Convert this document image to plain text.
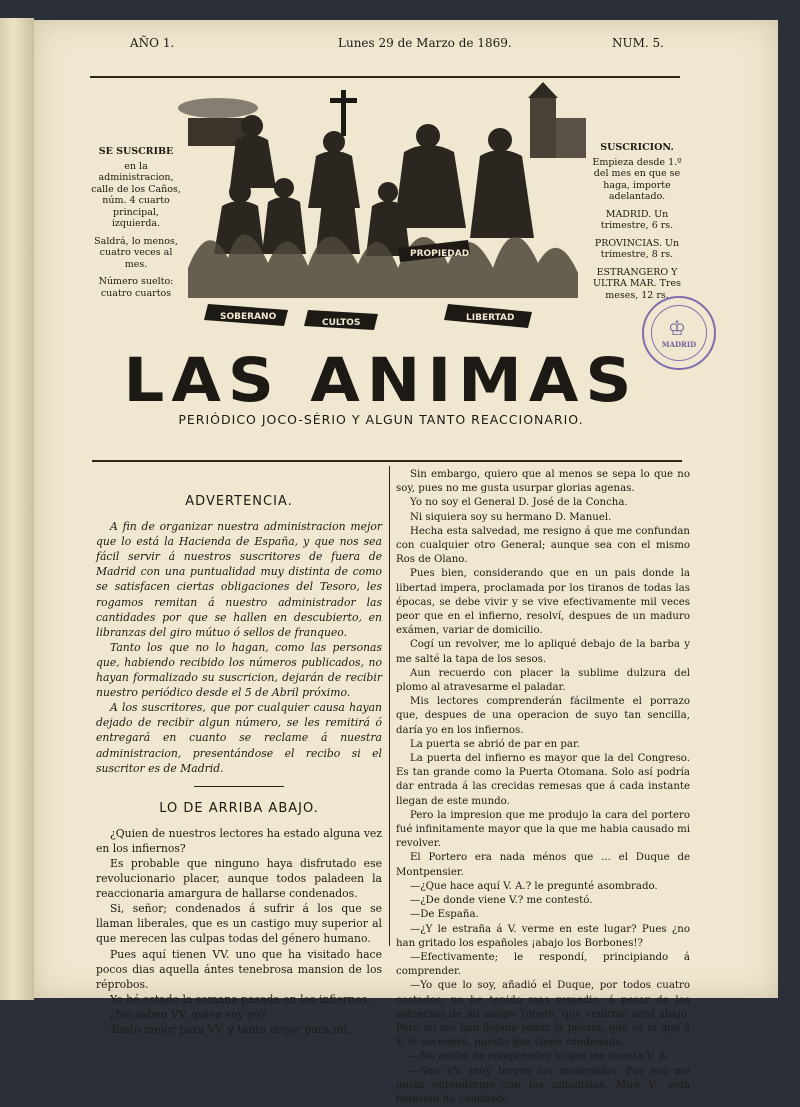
AÑO 1.	Lunes 29 de Marzo de 1869.	NUM. 5.
SE SUSCRIBE

en la administracion, calle de los Caños, núm. 4 cuarto principal, izquierda.

Saldrá, lo menos, cuatro veces al mes.

Número suelto: cuatro cuartos

SUSCRICION.

Empieza desde 1.º del mes en que se haga, importe adelantado.

MADRID. Un trimestre, 6 rs.

PROVINCIAS. Un trimestre, 8 rs.

ESTRANGERO Y ULTRA MAR. Tres meses, 12 rs.

SOBERANO
CULTOS	LIBERTAD
PROPIEDAD
♔
MADRID
LAS ANIMAS
PERIÓDICO JOCO-SÉRIO Y ALGUN TANTO REACCIONARIO.
ADVERTENCIA.

A fin de organizar nuestra administracion mejor que lo está la Hacienda de España, y que nos sea fácil servir á nuestros suscritores de fuera de Madrid con una puntualidad muy distinta de como se satisfacen ciertas obligaciones del Tesoro, les rogamos remitan á nuestro administrador las cantidades por que se hallen en descubierto, en libranzas del giro mútuo ó sellos de franqueo.

Tanto los que no lo hagan, como las personas que, habiendo recibido los números publicados, no hayan formalizado su suscricion, dejarán de recibir nuestro periódico desde el 5 de Abril próximo.

A los suscritores, que por cualquier causa hayan dejado de recibir algun número, se les remitirá ó entregará en cuanto se reclame á nuestra administracion, presentándose el recibo si el suscritor es de Madrid.

LO DE ARRIBA ABAJO.

¿Quien de nuestros lectores ha estado alguna vez en los infiernos?

Es probable que ninguno haya disfrutado ese revolucionario placer, aunque todos paladeen la reaccionaria amargura de hallarse condenados.

Si, señor; condenados á sufrir á los que se llaman liberales, que es un castigo muy superior al que merecen las culpas todas del género humano.

Pues aquí tienen VV. uno que ha visitado hace pocos dias aquella ántes tenebrosa mansion de los réprobos.

Yo hé estado la semana pasada en los infiernos.

¿No saben VV. quien soy yo?

Tanto mejor para VV. y tanto mejor para mí.

Sin embargo, quiero que al menos se sepa lo que no soy, pues no me gusta usurpar glorias agenas.

Yo no soy el General D. José de la Concha.

Ni siquiera soy su hermano D. Manuel.

Hecha esta salvedad, me resigno á que me confundan con cualquier otro General; aunque sea con el mismo Ros de Olano.

Pues bien, considerando que en un pais donde la libertad impera, proclamada por los tiranos de todas las épocas, se debe vivir y se vive efectivamente mil veces peor que en el infierno, resolví, despues de un maduro exámen, variar de domicilio.

Cogí un revolver, me lo apliqué debajo de la barba y me salté la tapa de los sesos.

Aun recuerdo con placer la sublime dulzura del plomo al atravesarme el paladar.

Mis lectores comprenderán fácilmente el porrazo que, despues de una operacion de suyo tan sencilla, daría yo en los infiernos.

La puerta se abrió de par en par.

La puerta del infierno es mayor que la del Congreso. Es tan grande como la Puerta Otomana. Solo así podría dar entrada á las crecidas remesas que á cada instante llegan de este mundo.

Pero la impresion que me produjo la cara del portero fué infinitamente mayor que la que me habia causado mi revolver.

El Portero era nada ménos que ... el Duque de Montpensier.

—¿Que hace aquí V. A.? le pregunté asombrado.

—¿De donde viene V.? me contestó.

—De España.

—¿Y le estraña á V. verme en este lugar? Pues ¿no han gritado los españoles ¡abajo los Borbones!?

—Efectivamente; le respondí, principiando á comprender.

—Yo que lo soy, añadió el Duque, por todos cuatro costados, no he tenido mas remedio, á pesar de los esfuerzos de mi amigo Topete, que venirme aquí abajo. Pero no me han dejado pasar la puerta, que es lo que á V. le sucederá, puesto que viene condenado.

—No acabo de comprender lo que me cuenta V. A.

—Son VV. muy torpes los moderados. Por eso me gusta entenderme con los unionistas. Mire V.: esta mansion ha cambiado
